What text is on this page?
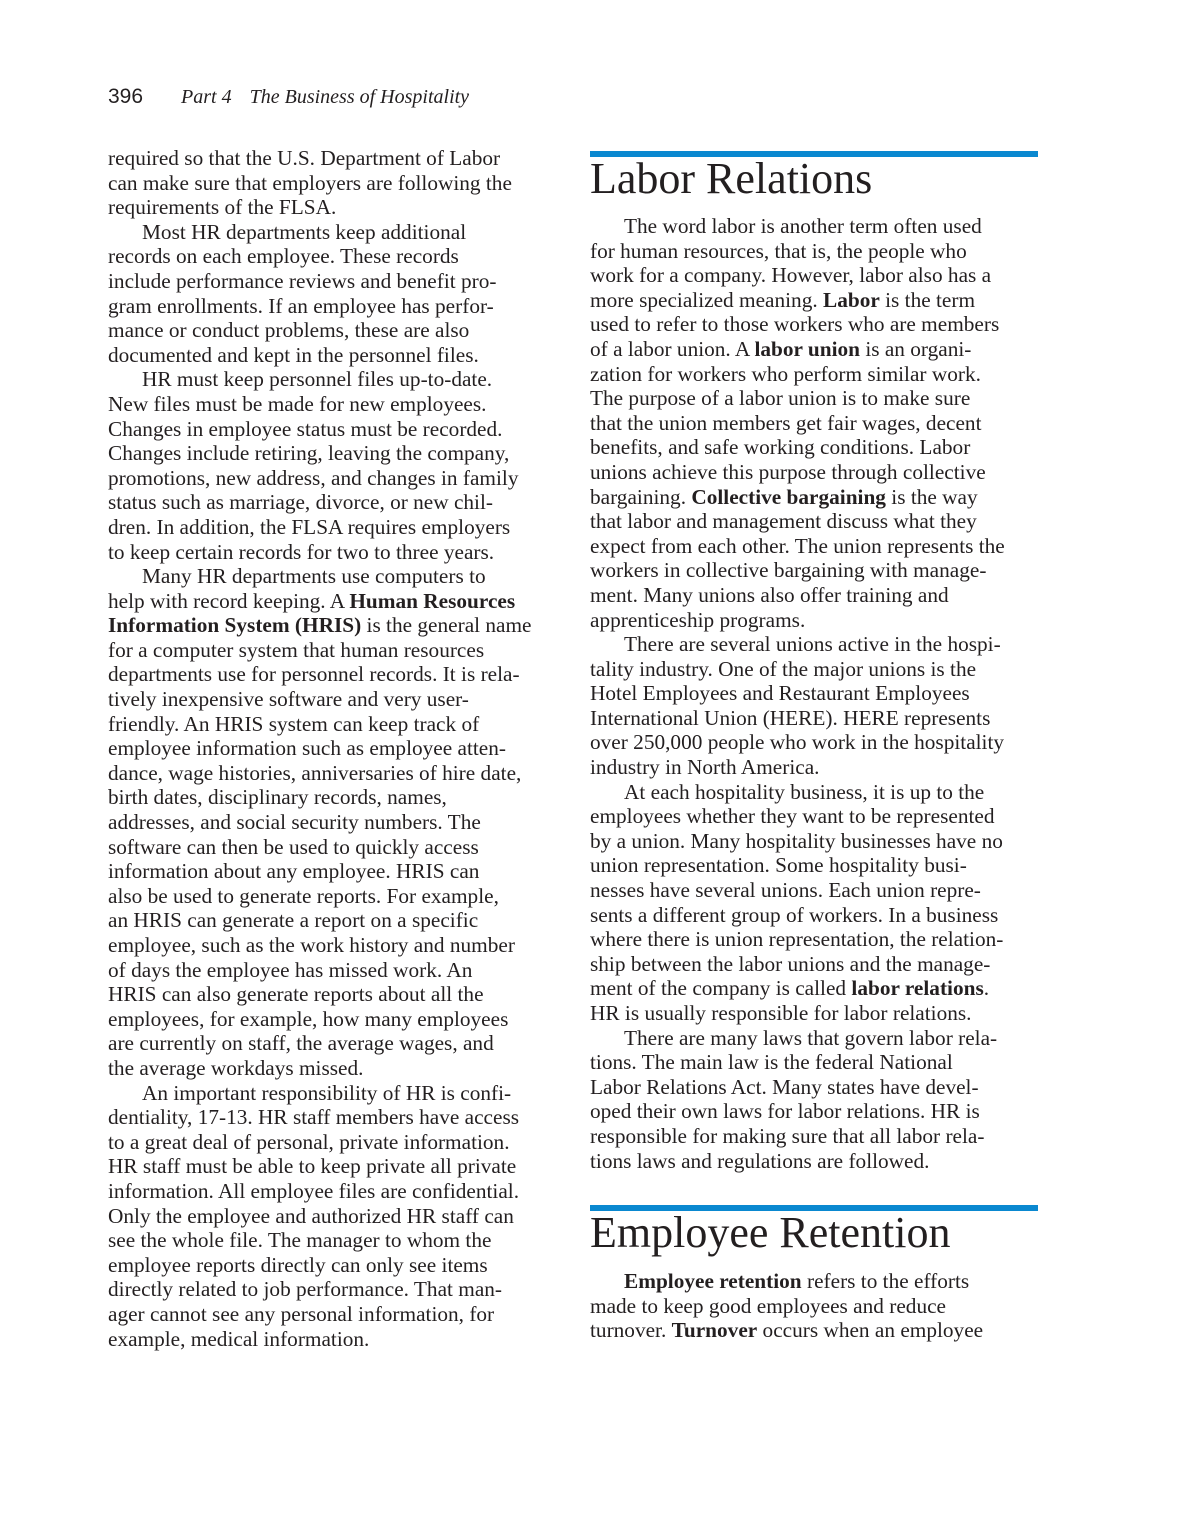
396 Part 4 The Business of Hospitality
required so that the U.S. Department of Labor
can make sure that employers are following the
requirements of the FLSA.
Most HR departments keep additional
records on each employee. These records
include performance reviews and benefit pro-
gram enrollments. If an employee has perfor-
mance or conduct problems, these are also
documented and kept in the personnel files.
HR must keep personnel files up-to-date.
New files must be made for new employees.
Changes in employee status must be recorded.
Changes include retiring, leaving the company,
promotions, new address, and changes in family
status such as marriage, divorce, or new chil-
dren. In addition, the FLSA requires employers
to keep certain records for two to three years.
Many HR departments use computers to
help with record keeping. A Human Resources
Information System (HRIS) is the general name
for a computer system that human resources
departments use for personnel records. It is rela-
tively inexpensive software and very user-
friendly. An HRIS system can keep track of
employee information such as employee atten-
dance, wage histories, anniversaries of hire date,
birth dates, disciplinary records, names,
addresses, and social security numbers. The
software can then be used to quickly access
information about any employee. HRIS can
also be used to generate reports. For example,
an HRIS can generate a report on a specific
employee, such as the work history and number
of days the employee has missed work. An
HRIS can also generate reports about all the
employees, for example, how many employees
are currently on staff, the average wages, and
the average workdays missed.
An important responsibility of HR is confi-
dentiality, 17-13. HR staff members have access
to a great deal of personal, private information.
HR staff must be able to keep private all private
information. All employee files are confidential.
Only the employee and authorized HR staff can
see the whole file. The manager to whom the
employee reports directly can only see items
directly related to job performance. That man-
ager cannot see any personal information, for
example, medical information.
Labor Relations
The word labor is another term often used
for human resources, that is, the people who
work for a company. However, labor also has a
more specialized meaning. Labor is the term
used to refer to those workers who are members
of a labor union. A labor union is an organi-
zation for workers who perform similar work.
The purpose of a labor union is to make sure
that the union members get fair wages, decent
benefits, and safe working conditions. Labor
unions achieve this purpose through collective
bargaining. Collective bargaining is the way
that labor and management discuss what they
expect from each other. The union represents the
workers in collective bargaining with manage-
ment. Many unions also offer training and
apprenticeship programs.
There are several unions active in the hospi-
tality industry. One of the major unions is the
Hotel Employees and Restaurant Employees
International Union (HERE). HERE represents
over 250,000 people who work in the hospitality
industry in North America.
At each hospitality business, it is up to the
employees whether they want to be represented
by a union. Many hospitality businesses have no
union representation. Some hospitality busi-
nesses have several unions. Each union repre-
sents a different group of workers. In a business
where there is union representation, the relation-
ship between the labor unions and the manage-
ment of the company is called labor relations.
HR is usually responsible for labor relations.
There are many laws that govern labor rela-
tions. The main law is the federal National
Labor Relations Act. Many states have devel-
oped their own laws for labor relations. HR is
responsible for making sure that all labor rela-
tions laws and regulations are followed.
Employee Retention
Employee retention refers to the efforts
made to keep good employees and reduce
turnover. Turnover occurs when an employee
